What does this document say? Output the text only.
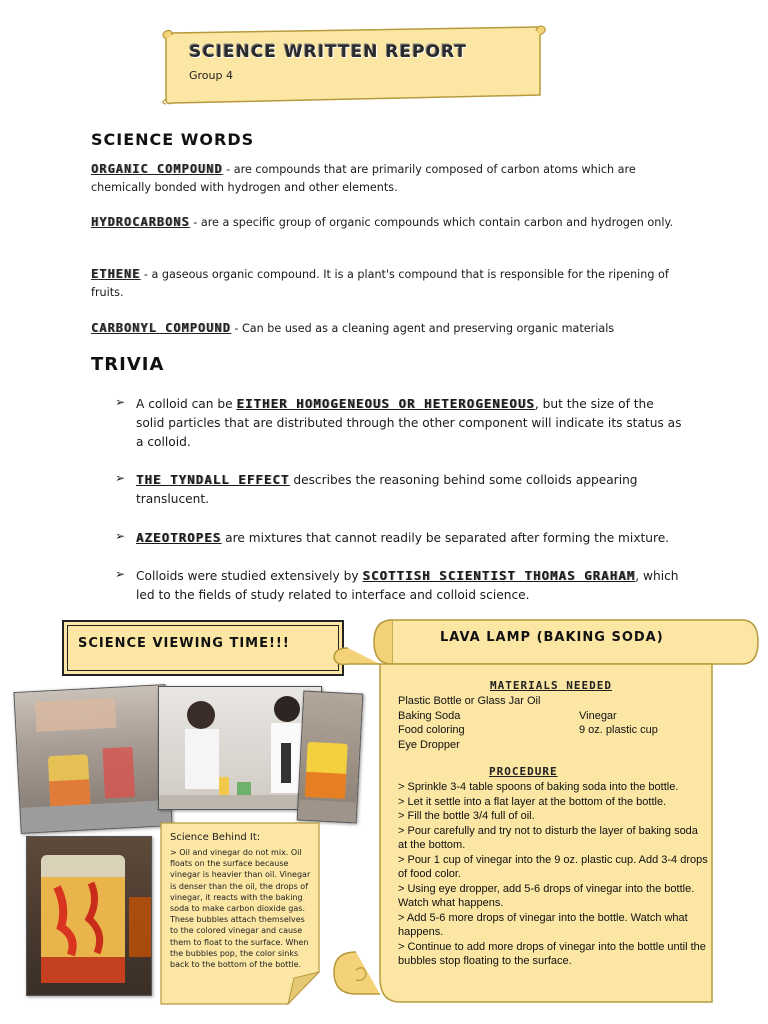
SCIENCE WRITTEN REPORT
Group 4
SCIENCE WORDS
ORGANIC COMPOUND - are compounds that are primarily composed of carbon atoms which are chemically bonded with hydrogen and other elements.
HYDROCARBONS - are a specific group of organic compounds which contain carbon and hydrogen only.
ETHENE - a gaseous organic compound. It is a plant's compound that is responsible for the ripening of fruits.
CARBONYL COMPOUND - Can be used as a cleaning agent and preserving organic materials
TRIVIA
➢ A colloid can be EITHER HOMOGENEOUS OR HETEROGENEOUS, but the size of the solid particles that are distributed through the other component will indicate its status as a colloid.
➢ THE TYNDALL EFFECT describes the reasoning behind some colloids appearing translucent.
➢ AZEOTROPES are mixtures that cannot readily be separated after forming the mixture.
➢ Colloids were studied extensively by SCOTTISH SCIENTIST THOMAS GRAHAM, which led to the fields of study related to interface and colloid science.
SCIENCE VIEWING TIME!!!
Science Behind It:
> Oil and vinegar do not mix. Oil floats on the surface because vinegar is heavier than oil. Vinegar is denser than the oil, the drops of vinegar, it reacts with the baking soda to make carbon dioxide gas. These bubbles attach themselves to the colored vinegar and cause them to float to the surface. When the bubbles pop, the color sinks back to the bottom of the bottle.
LAVA LAMP (BAKING SODA)
MATERIALS NEEDED
Plastic Bottle or Glass Jar Oil
Baking Soda	Vinegar
Food coloring	9 oz. plastic cup
Eye Dropper
PROCEDURE
> Sprinkle 3-4 table spoons of baking soda into the bottle.
> Let it settle into a flat layer at the bottom of the bottle.
> Fill the bottle 3/4 full of oil.
> Pour carefully and try not to disturb the layer of baking soda at the bottom.
> Pour 1 cup of vinegar into the 9 oz. plastic cup. Add 3-4 drops of food color.
> Using eye dropper, add 5-6 drops of vinegar into the bottle. Watch what happens.
> Add 5-6 more drops of vinegar into the bottle. Watch what happens.
> Continue to add more drops of vinegar into the bottle until the bubbles stop floating to the surface.
